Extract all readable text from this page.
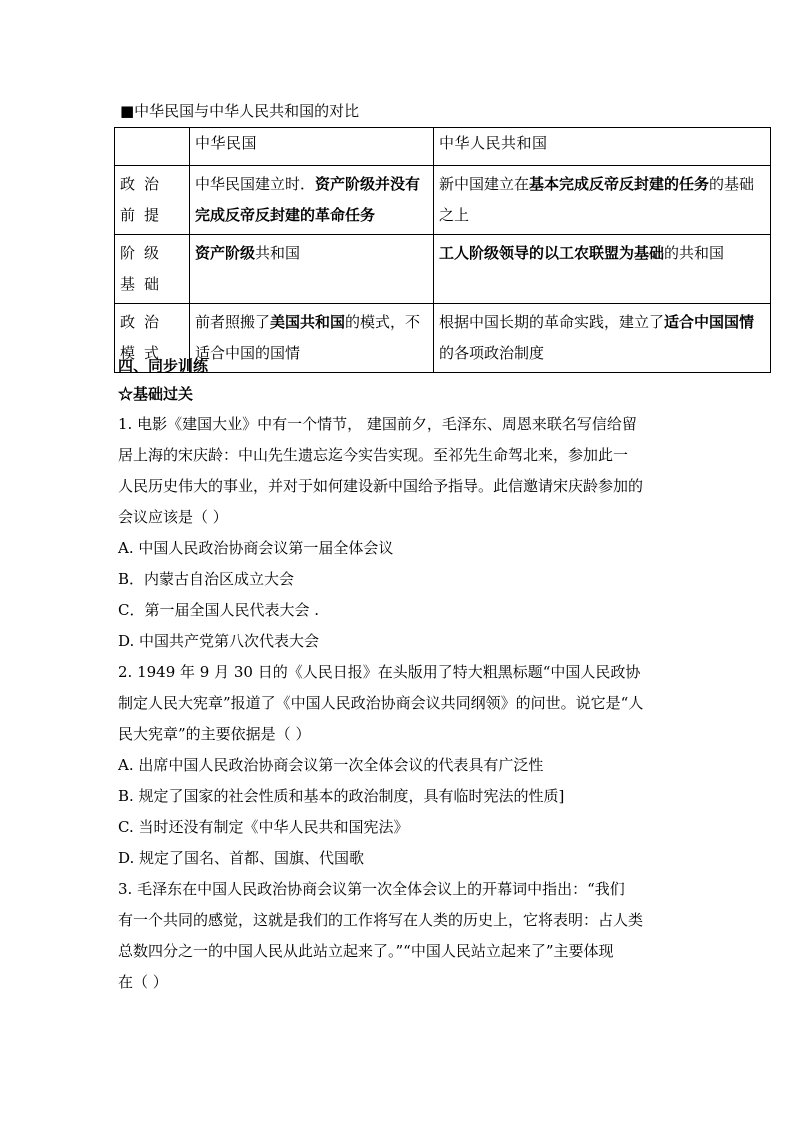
■中华民国与中华人民共和国的对比
	中华民国	中华人民共和国
政治前提	中华民国建立时．资产阶级并没有完成反帝反封建的革命任务	新中国建立在基本完成反帝反封建的任务的基础之上
阶级基础	资产阶级共和国	工人阶级领导的以工农联盟为基础的共和国
政治模式	前者照搬了美国共和国的模式，不适合中国的国情	根据中国长期的革命实践，建立了适合中国国情的各项政治制度
四、同步训练
☆基础过关
1. 电影《建国大业》中有一个情节， 建国前夕，毛泽东、周恩来联名写信给留
居上海的宋庆龄：中山先生遗忘迄今实告实现。至祁先生命驾北来，参加此一
人民历史伟大的事业，并对于如何建设新中国给予指导。此信邀请宋庆龄参加的
会议应该是（ ）
A. 中国人民政治协商会议第一届全体会议
B．内蒙古自治区成立大会
C．第一届全国人民代表大会 .
D. 中国共产党第八次代表大会
2. 1949 年 9 月 30 日的《人民日报》在头版用了特大粗黑标题“中国人民政协
制定人民大宪章”报道了《中国人民政治协商会议共同纲领》的问世。说它是“人
民大宪章”的主要依据是（ ）
A. 出席中国人民政治协商会议第一次全体会议的代表具有广泛性
B. 规定了国家的社会性质和基本的政治制度，具有临时宪法的性质]
C. 当时还没有制定《中华人民共和国宪法》
D. 规定了国名、首都、国旗、代国歌
3. 毛泽东在中国人民政治协商会议第一次全体会议上的开幕词中指出：“我们
有一个共同的感觉，这就是我们的工作将写在人类的历史上，它将表明：占人类
总数四分之一的中国人民从此站立起来了。”“中国人民站立起来了”主要体现
在（ ）
